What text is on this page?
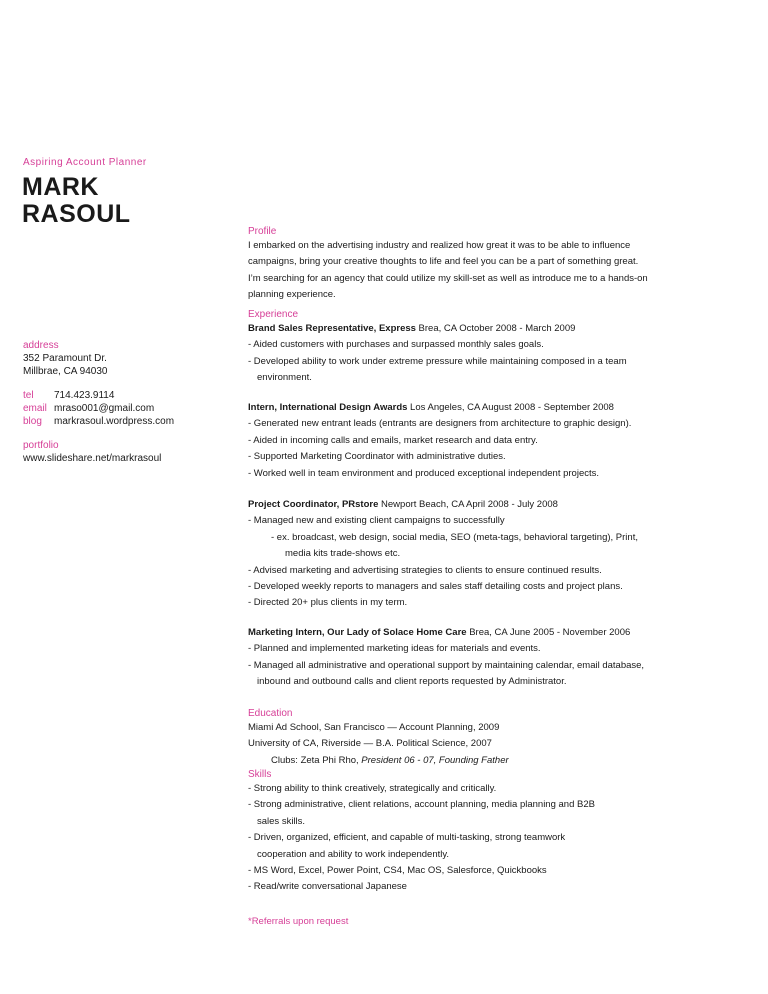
Aspiring Account Planner
MARK
RASOUL
address
352 Paramount Dr.
Millbrae, CA 94030
tel 714.423.9114
email mraso001@gmail.com
blog markrasoul.wordpress.com
portfolio
www.slideshare.net/markrasoul
Profile
I embarked on the advertising industry and realized how great it was to be able to influence
campaigns, bring your creative thoughts to life and feel you can be a part of something great.
I’m searching for an agency that could utilize my skill-set as well as introduce me to a hands-on
planning experience.
Experience
Brand Sales Representative, Express Brea, CA October 2008 - March 2009
- Aided customers with purchases and surpassed monthly sales goals.
- Developed ability to work under extreme pressure while maintaining composed in a team
environment.
Intern, International Design Awards Los Angeles, CA August 2008 - September 2008
- Generated new entrant leads (entrants are designers from architecture to graphic design).
- Aided in incoming calls and emails, market research and data entry.
- Supported Marketing Coordinator with administrative duties.
- Worked well in team environment and produced exceptional independent projects.
Project Coordinator, PRstore Newport Beach, CA April 2008 - July 2008
- Managed new and existing client campaigns to successfully
- ex. broadcast, web design, social media, SEO (meta-tags, behavioral targeting), Print,
media kits trade-shows etc.
- Advised marketing and advertising strategies to clients to ensure continued results.
- Developed weekly reports to managers and sales staff detailing costs and project plans.
- Directed 20+ plus clients in my term.
Marketing Intern, Our Lady of Solace Home Care Brea, CA June 2005 - November 2006
- Planned and implemented marketing ideas for materials and events.
- Managed all administrative and operational support by maintaining calendar, email database,
inbound and outbound calls and client reports requested by Administrator.
Education
Miami Ad School, San Francisco — Account Planning, 2009
University of CA, Riverside — B.A. Political Science, 2007
Clubs: Zeta Phi Rho, President 06 - 07, Founding Father
Skills
- Strong ability to think creatively, strategically and critically.
- Strong administrative, client relations, account planning, media planning and B2B
sales skills.
- Driven, organized, efficient, and capable of multi-tasking, strong teamwork
cooperation and ability to work independently.
- MS Word, Excel, Power Point, CS4, Mac OS, Salesforce, Quickbooks
- Read/write conversational Japanese
*Referrals upon request
